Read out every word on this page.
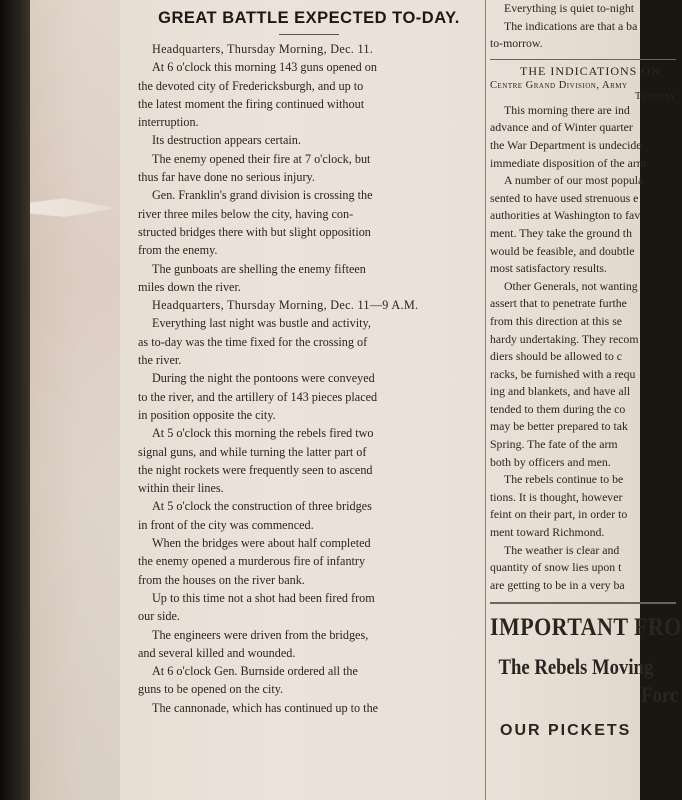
GREAT BATTLE EXPECTED TO-DAY.

Headquarters, Thursday Morning, Dec. 11.

At 6 o'clock this morning 143 guns opened on

the devoted city of Fredericksburgh, and up to

the latest moment the firing continued without

interruption.

Its destruction appears certain.

The enemy opened their fire at 7 o'clock, but

thus far have done no serious injury.

Gen. Franklin's grand division is crossing the

river three miles below the city, having con-

structed bridges there with but slight opposition

from the enemy.

The gunboats are shelling the enemy fifteen

miles down the river.

Headquarters, Thursday Morning, Dec. 11—9 A.M.

Everything last night was bustle and activity,

as to-day was the time fixed for the crossing of

the river.

During the night the pontoons were conveyed

to the river, and the artillery of 143 pieces placed

in position opposite the city.

At 5 o'clock this morning the rebels fired two

signal guns, and while turning the latter part of

the night rockets were frequently seen to ascend

within their lines.

At 5 o'clock the construction of three bridges

in front of the city was commenced.

When the bridges were about half completed

the enemy opened a murderous fire of infantry

from the houses on the river bank.

Up to this time not a shot had been fired from

our side.

The engineers were driven from the bridges,

and several killed and wounded.

At 6 o'clock Gen. Burnside ordered all the

guns to be opened on the city.

The cannonade, which has continued up to the

Everything is quiet to-night

The indications are that a ba

to-morrow.

THE INDICATIONS ON
Centre Grand Division, Army
Tuesday

This morning there are ind

advance and of Winter quarter

the War Department is undecide

immediate disposition of the arm

A number of our most popula

sented to have used strenuous e

authorities at Washington to fav

ment. They take the ground th

would be feasible, and doubtle

most satisfactory results.

Other Generals, not wanting

assert that to penetrate furthe

from this direction at this se

hardy undertaking. They recom

diers should be allowed to c

racks, be furnished with a requ

ing and blankets, and have all

tended to them during the co

may be better prepared to tak

Spring. The fate of the arm

both by officers and men.

The rebels continue to be

tions. It is thought, however

feint on their part, in order to

ment toward Richmond.

The weather is clear and

quantity of snow lies upon t

are getting to be in a very ba

IMPORTANT FRO
The Rebels Moving
Forc
OUR PICKETS
